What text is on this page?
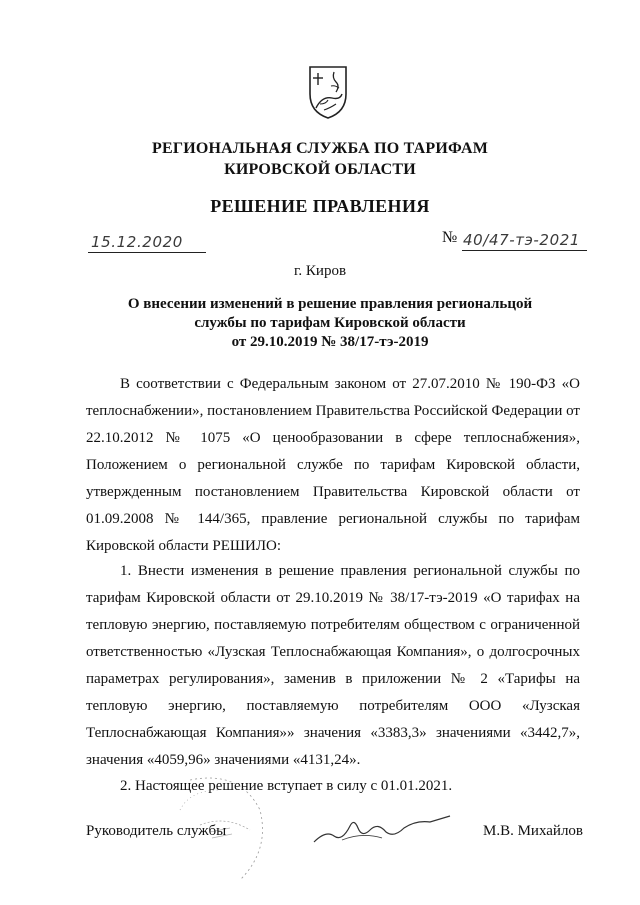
РЕГИОНАЛЬНАЯ СЛУЖБА ПО ТАРИФАМ
КИРОВСКОЙ ОБЛАСТИ
РЕШЕНИЕ ПРАВЛЕНИЯ
15.12.2020	№ 40/47-тэ-2021
г. Киров
О внесении изменений в решение правления региональцой
службы по тарифам Кировской области
от 29.10.2019 № 38/17-тэ-2019
В соответствии с Федеральным законом от 27.07.2010 № 190-ФЗ «О
теплоснабжении», постановлением Правительства Российской Федерации от
22.10.2012 № 1075 «О ценообразовании в сфере теплоснабжения»,
Положением о региональной службе по тарифам Кировской области,
утвержденным постановлением Правительства Кировской области от
01.09.2008 № 144/365, правление региональной службы по тарифам
Кировской области РЕШИЛО:
1. Внести изменения в решение правления региональной службы по
тарифам Кировской области от 29.10.2019 № 38/17-тэ-2019 «О тарифах на
тепловую энергию, поставляемую потребителям обществом с ограниченной
ответственностью «Лузская Теплоснабжающая Компания», о долгосрочных
параметрах регулирования», заменив в приложении № 2 «Тарифы на
тепловую энергию, поставляемую потребителям ООО «Лузская
Теплоснабжающая Компания»» значения «3383,3» значениями «3442,7»,
значения «4059,96» значениями «4131,24».
2. Настоящее решение вступает в силу с 01.01.2021.
Руководитель службы	М.В. Михайлов
